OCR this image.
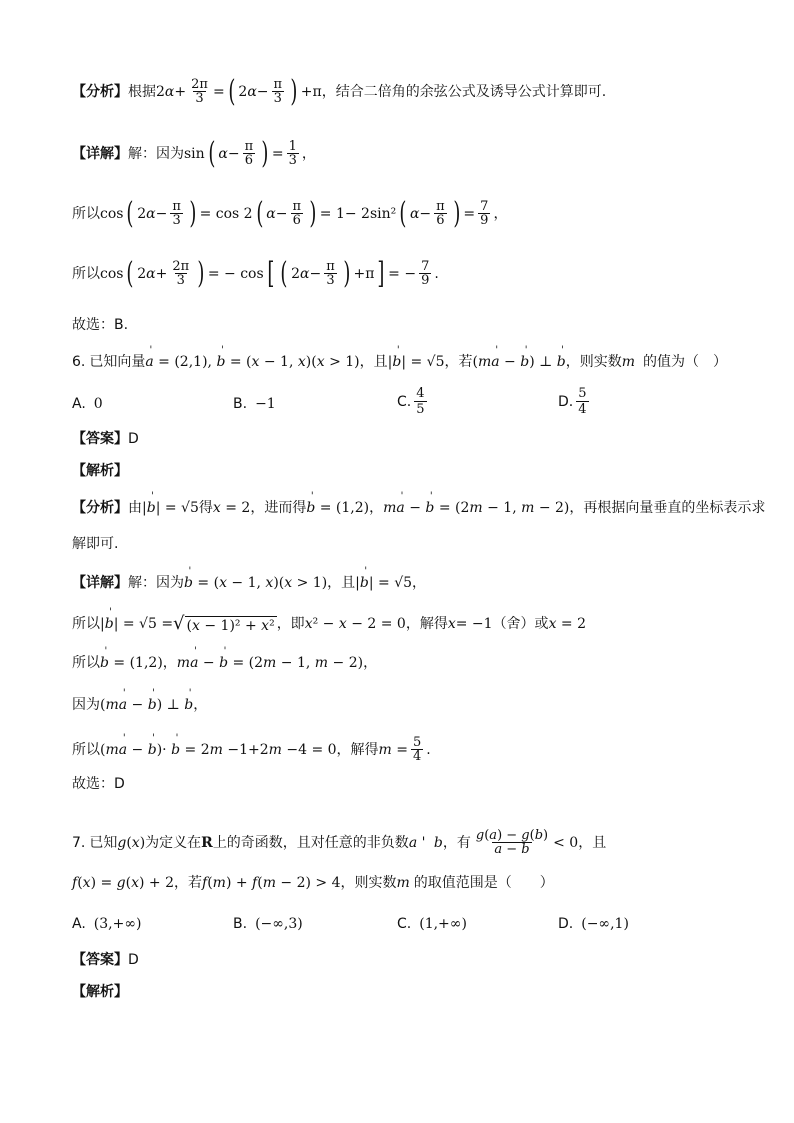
【分析】 根据 $2\alpha+ \frac{2\pi}{3}$ = ( $2\alpha- \frac{\pi}{3}$ ) +π ，结合二倍角的余弦公式及诱导公式计算即可.
【详解】 解：因为 sin ( $\alpha - \frac{\pi}{6}$ ) = $\frac{1}{3}$ ，
所以 cos ( $2\alpha- \frac{\pi}{3}$ ) = cos 2 ( $\alpha - \frac{\pi}{6}$ ) = 1− 2sin² ( $\alpha - \frac{\pi}{6}$ ) = $\frac{7}{9}$ ，
所以 cos ( $2\alpha+ \frac{2\pi}{3}$ ) = − cos [ ( $2\alpha- \frac{\pi}{3}$ ) +π ] = − $\frac{7}{9}$ .
故选：B.
6. 已知向量 ' a = (2,1), ' b = (x − 1, x)(x > 1) ，且 |' b| = √5 ，若 (m' a − ' b) ⊥ ' b ，则实数 m 的值为（　）
A. 0	B. −1	C. $\frac{4}{5}$	D. $\frac{5}{4}$
【答案】 D
【解析】
【分析】 由 |' b| = √5 得 x = 2 ，进而得 ' b = (1,2) ， m' a − ' b = (2m − 1, m − 2) ，再根据向量垂直的坐标表示求
解即可.
【详解】 解：因为 ' b = (x − 1, x)(x > 1) ，且 |' b| = √5 ，
所以 |' b| = √5 = √ (x − 1)² + x² ，即 x² − x − 2 = 0 ，解得 x= −1 （舍）或 x = 2
所以 ' b = (1,2) ， m' a − ' b = (2m − 1, m − 2) ，
因为 (m' a − ' b) ⊥ ' b ，
所以 (m' a − ' b)· ' b = 2m −1+2m −4 = 0 ，解得 $m = \frac{5}{4}$ .
故选：D
7. 已知 g(x) 为定义在 R 上的奇函数，且对任意的非负数 a ' b ，有 $\frac{g(a) - g(b)}{a - b} < 0$ ，且
f(x) = g(x) + 2 ，若 f(m) + f(m − 2) > 4 ，则实数 m 的取值范围是（　　）
A. (3,+∞)	B. (−∞,3)	C. (1,+∞)	D. (−∞,1)
【答案】 D
【解析】
